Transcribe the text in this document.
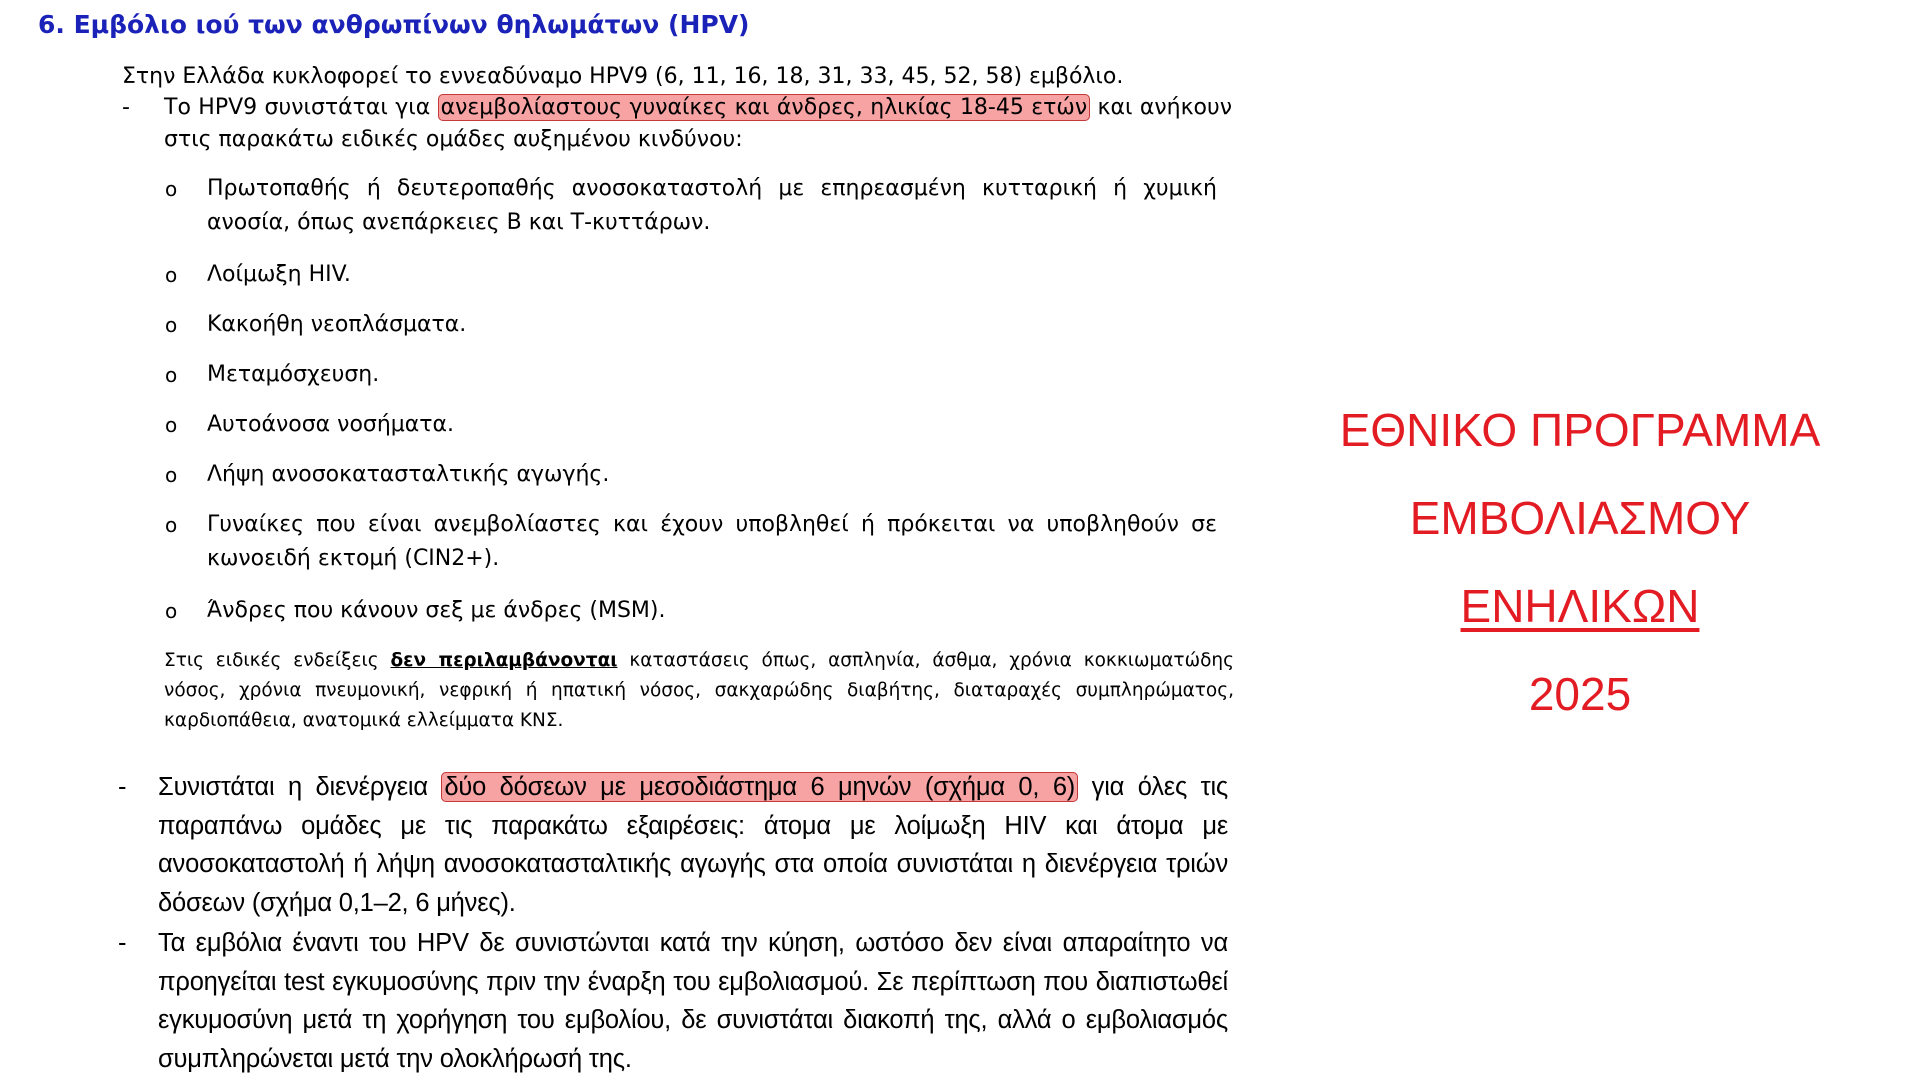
6. Εμβόλιο ιού των ανθρωπίνων θηλωμάτων (HPV)
Στην Ελλάδα κυκλοφορεί το εννεαδύναμο HPV9 (6, 11, 16, 18, 31, 33, 45, 52, 58) εμβόλιο.
- Το HPV9 συνιστάται για ανεμβολίαστους γυναίκες και άνδρες, ηλικίας 18-45 ετών και ανήκουν στις παρακάτω ειδικές ομάδες αυξημένου κινδύνου:
o Πρωτοπαθής ή δευτεροπαθής ανοσοκαταστολή με επηρεασμένη κυτταρική ή χυμική ανοσία, όπως ανεπάρκειες Β και Τ-κυττάρων.
o Λοίμωξη HIV.
o Κακοήθη νεοπλάσματα.
o Μεταμόσχευση.
o Αυτοάνοσα νοσήματα.
o Λήψη ανοσοκατασταλτικής αγωγής.
o Γυναίκες που είναι ανεμβολίαστες και έχουν υποβληθεί ή πρόκειται να υποβληθούν σε κωνοειδή εκτομή (CIN2+).
o Άνδρες που κάνουν σεξ με άνδρες (MSM).
Στις ειδικές ενδείξεις δεν περιλαμβάνονται καταστάσεις όπως, ασπληνία, άσθμα, χρόνια κοκκιωματώδης νόσος, χρόνια πνευμονική, νεφρική ή ηπατική νόσος, σακχαρώδης διαβήτης, διαταραχές συμπληρώματος, καρδιοπάθεια, ανατομικά ελλείμματα ΚΝΣ.
- Συνιστάται η διενέργεια δύο δόσεων με μεσοδιάστημα 6 μηνών (σχήμα 0, 6) για όλες τις παραπάνω ομάδες με τις παρακάτω εξαιρέσεις: άτομα με λοίμωξη HIV και άτομα με ανοσοκαταστολή ή λήψη ανοσοκατασταλτικής αγωγής στα οποία συνιστάται η διενέργεια τριών δόσεων (σχήμα 0,1–2, 6 μήνες).
- Τα εμβόλια έναντι του HPV δε συνιστώνται κατά την κύηση, ωστόσο δεν είναι απαραίτητο να προηγείται test εγκυμοσύνης πριν την έναρξη του εμβολιασμού. Σε περίπτωση που διαπιστωθεί εγκυμοσύνη μετά τη χορήγηση του εμβολίου, δε συνιστάται διακοπή της, αλλά ο εμβολιασμός συμπληρώνεται μετά την ολοκλήρωσή της.
ΕΘΝΙΚΟ ΠΡΟΓΡΑΜΜΑ
ΕΜΒΟΛΙΑΣΜΟΥ
ΕΝΗΛΙΚΩΝ
2025
